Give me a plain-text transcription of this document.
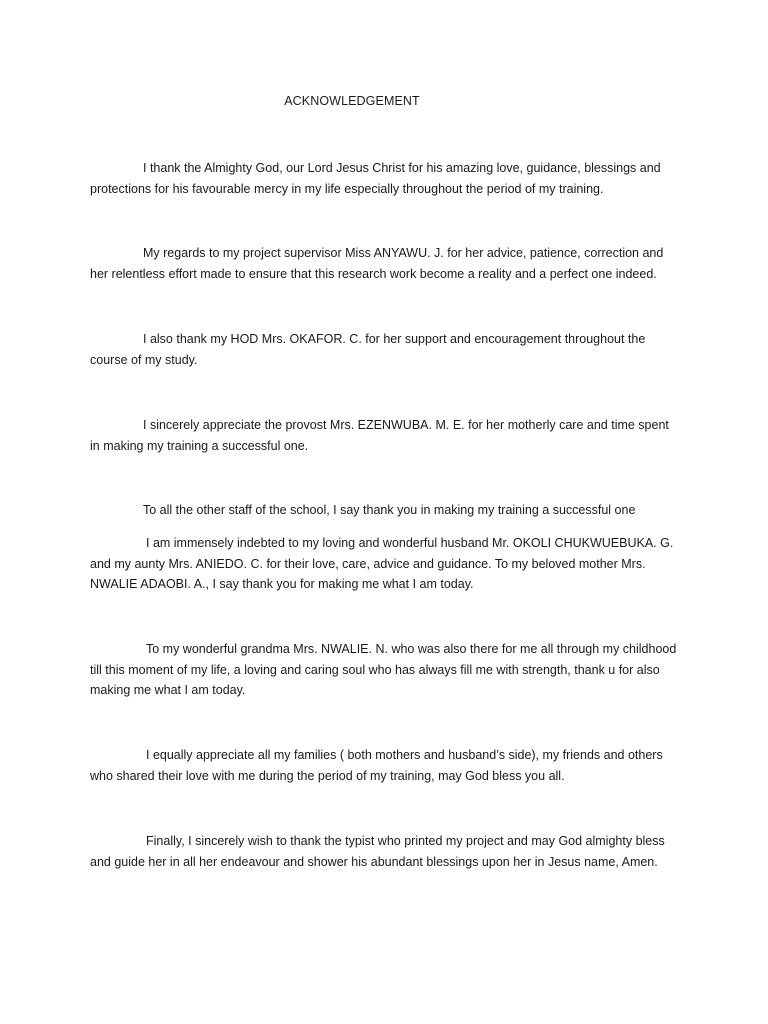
ACKNOWLEDGEMENT

I thank the Almighty God, our Lord Jesus Christ for his amazing love, guidance, blessings and protections for his favourable mercy in my life especially throughout the period of my training.

My regards to my project supervisor Miss ANYAWU. J. for her advice, patience, correction and her relentless effort made to ensure that this research work become a reality and a perfect one indeed.

I also thank my HOD Mrs. OKAFOR. C. for her support and encouragement throughout the course of my study.

I sincerely appreciate the provost Mrs. EZENWUBA. M. E. for her motherly care and time spent in making my training a successful one.

To all the other staff of the school, I say thank you in making my training a successful one

I am immensely indebted to my loving and wonderful husband Mr. OKOLI CHUKWUEBUKA. G. and my aunty Mrs. ANIEDO. C. for their love, care, advice and guidance. To my beloved mother Mrs. NWALIE ADAOBI. A., I say thank you for making me what I am today.

To my wonderful grandma Mrs. NWALIE. N. who was also there for me all through my childhood till this moment of my life, a loving and caring soul who has always fill me with strength, thank u for also making me what I am today.

I equally appreciate all my families ( both mothers and husband’s side), my friends and others who shared their love with me during the period of my training, may God bless you all.

Finally, I sincerely wish to thank the typist who printed my project and may God almighty bless and guide her in all her endeavour and shower his abundant blessings upon her in Jesus name, Amen.
